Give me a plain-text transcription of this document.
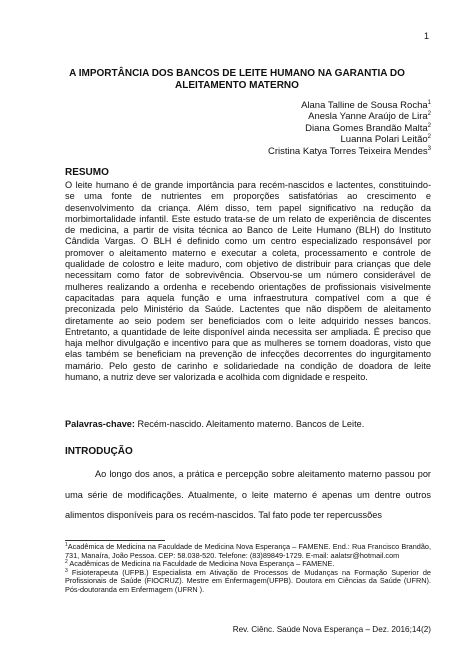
1
A IMPORTÂNCIA DOS BANCOS DE LEITE HUMANO NA GARANTIA DO ALEITAMENTO MATERNO
Alana Talline de Sousa Rocha$^1$
Anesla Yanne Araújo de Lira$^2$
Diana Gomes Brandão Malta$^2$
Luanna Polari Leitão$^2$
Cristina Katya Torres Teixeira Mendes$^3$
RESUMO
O leite humano é de grande importância para recém-nascidos e lactentes, constituindo-se uma fonte de nutrientes em proporções satisfatórias ao crescimento e desenvolvimento da criança. Além disso, tem papel significativo na redução da morbimortalidade infantil. Este estudo trata-se de um relato de experiência de discentes de medicina, a partir de visita técnica ao Banco de Leite Humano (BLH) do Instituto Cândida Vargas. O BLH é definido como um centro especializado responsável por promover o aleitamento materno e executar a coleta, processamento e controle de qualidade de colostro e leite maduro, com objetivo de distribuir para crianças que dele necessitam como fator de sobrevivência. Observou-se um número considerável de mulheres realizando a ordenha e recebendo orientações de profissionais visivelmente capacitadas para aquela função e uma infraestrutura compatível com a que é preconizada pelo Ministério da Saúde. Lactentes que não dispõem de aleitamento diretamente ao seio podem ser beneficiados com o leite adquirido nesses bancos. Entretanto, a quantidade de leite disponível ainda necessita ser ampliada. É preciso que haja melhor divulgação e incentivo para que as mulheres se tornem doadoras, visto que elas também se beneficiam na prevenção de infecções decorrentes do ingurgitamento mamário. Pelo gesto de carinho e solidariedade na condição de doadora de leite humano, a nutriz deve ser valorizada e acolhida com dignidade e respeito.
Palavras-chave: Recém-nascido. Aleitamento materno. Bancos de Leite.
INTRODUÇÃO
Ao longo dos anos, a prática e percepção sobre aleitamento materno passou por uma série de modificações. Atualmente, o leite materno é apenas um dentre outros alimentos disponíveis para os recém-nascidos. Tal fato pode ter repercussões
$^1$Acadêmica de Medicina na Faculdade de Medicina Nova Esperança – FAMENE. End.: Rua Francisco Brandão, 731, Manaíra, João Pessoa. CEP: 58.038-520. Telefone: (83)89849-1729. E-mail: aalatsr@hotmail.com
$^2$ Acadêmicas de Medicina na Faculdade de Medicina Nova Esperança – FAMENE.
$^3$ Fisioterapeuta (UFPB.) Especialista em Ativação de Processos de Mudanças na Formação Superior de Profissionais de Saúde (FIOCRUZ). Mestre em Enfermagem(UFPB). Doutora em Ciências da Saúde (UFRN). Pós-doutoranda em Enfermagem (UFRN ).
Rev. Ciênc. Saúde Nova Esperança – Dez. 2016;14(2)
